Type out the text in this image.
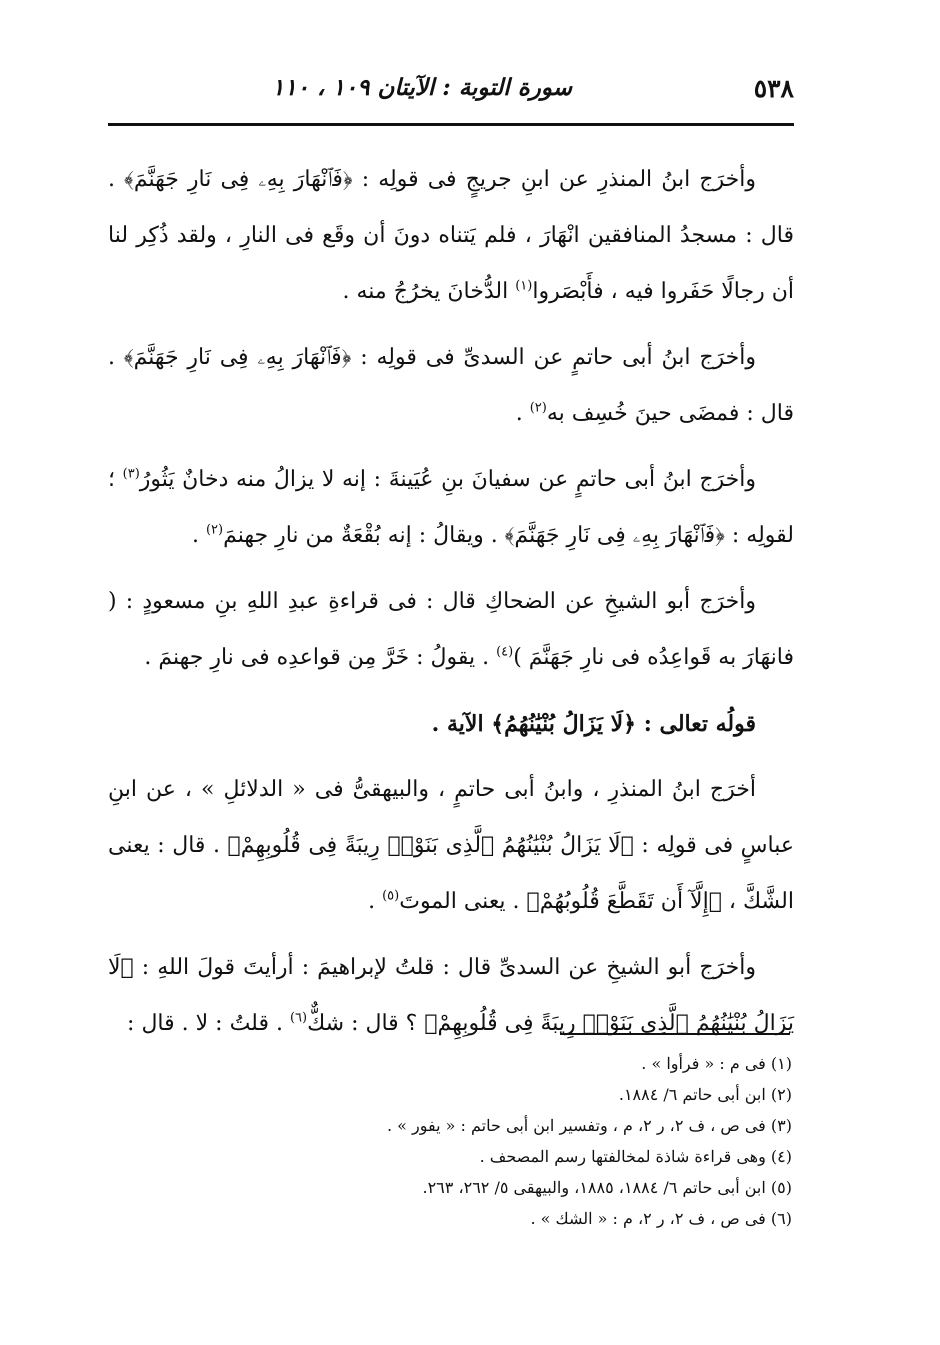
٥٣٨
سورة التوبة : الآيتان ١٠٩ ، ١١٠

وأخرَج ابنُ المنذرِ عن ابنِ جريجٍ فى قولِه : ﴿فَٱنْهَارَ بِهِۦ فِى نَارِ جَهَنَّمَ﴾ . قال : مسجدُ المنافقين انْهَارَ ، فلم يَتناه دونَ أن وقَع فى النارِ ، ولقد ذُكِر لنا أن رجالًا حَفَروا فيه ، فأَبْصَروا$^{(١)}$ الدُّخانَ يخرُجُ منه .

وأخرَج ابنُ أبى حاتمٍ عن السدىِّ فى قولِه : ﴿فَٱنْهَارَ بِهِۦ فِى نَارِ جَهَنَّمَ﴾ . قال : فمضَى حينَ خُسِف به$^{(٢)}$ .

وأخرَج ابنُ أبى حاتمٍ عن سفيانَ بنِ عُيَينةَ : إنه لا يزالُ منه دخانٌ يَثُورُ$^{(٣)}$ ؛ لقولِه : ﴿فَٱنْهَارَ بِهِۦ فِى نَارِ جَهَنَّمَ﴾ . ويقالُ : إنه بُقْعَةٌ من نارِ جهنمَ$^{(٢)}$ .

وأخرَج أبو الشيخِ عن الضحاكِ قال : فى قراءةِ عبدِ اللهِ بنِ مسعودٍ : ( فانهَارَ به قَواعِدُه فى نارِ جَهَنَّمَ )$^{(٤)}$ . يقولُ : خَرَّ مِن قواعدِه فى نارِ جهنمَ .

قولُه تعالى : ﴿لَا يَزَالُ بُنْيَٰنُهُمُ﴾ الآية .

أخرَج ابنُ المنذرِ ، وابنُ أبى حاتمٍ ، والبيهقىُّ فى « الدلائلِ » ، عن ابنِ عباسٍ فى قولِه : ﴿لَا يَزَالُ بُنْيَٰنُهُمُ ٱلَّذِى بَنَوْا۟ رِيبَةً فِى قُلُوبِهِمْ﴾ . قال : يعنى الشَّكَّ ، ﴿إِلَّآ أَن تَقَطَّعَ قُلُوبُهُمْ﴾ . يعنى الموتَ$^{(٥)}$ .

وأخرَج أبو الشيخِ عن السدىِّ قال : قلتُ لإبراهيمَ : أرأيتَ قولَ اللهِ : ﴿لَا يَزَالُ بُنْيَٰنُهُمُ ٱلَّذِى بَنَوْا۟ رِيبَةً فِى قُلُوبِهِمْ﴾ ؟ قال : شكٌّ$^{(٦)}$ . قلتُ : لا . قال :

(١) فى م : « فرأوا » .
(٢) ابن أبى حاتم ٦/ ١٨٨٤.
(٣) فى ص ، ف ٢، ر ٢، م ، وتفسير ابن أبى حاتم : « يفور » .
(٤) وهى قراءة شاذة لمخالفتها رسم المصحف .
(٥) ابن أبى حاتم ٦/ ١٨٨٤، ١٨٨٥، والبيهقى ٥/ ٢٦٢، ٢٦٣.
(٦) فى ص ، ف ٢، ر ٢، م : « الشك » .
